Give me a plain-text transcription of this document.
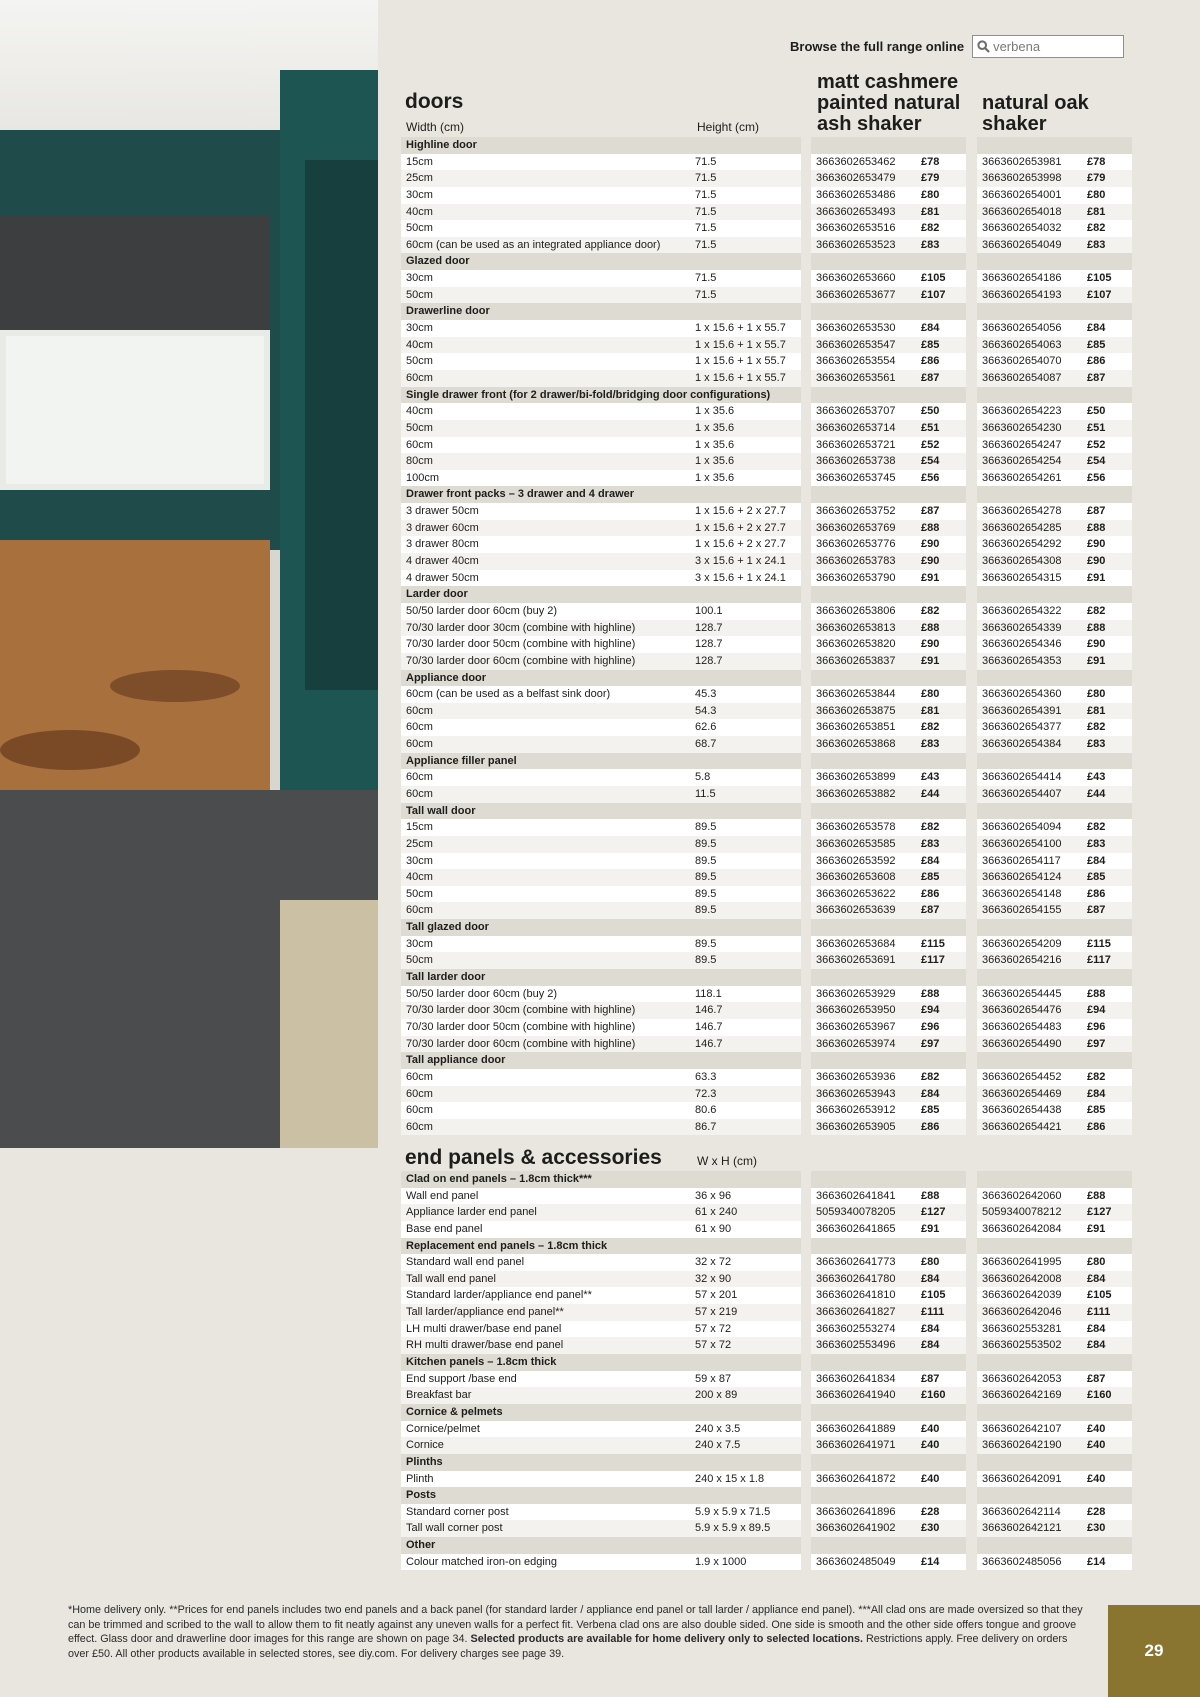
Browse the full range online verbena
doors
Width (cm)	Height (cm)
matt cashmere painted natural ash shaker
natural oak shaker
Highline door
15cm	71.5	3663602653462	£78	3663602653981	£78
25cm	71.5	3663602653479	£79	3663602653998	£79
30cm	71.5	3663602653486	£80	3663602654001	£80
40cm	71.5	3663602653493	£81	3663602654018	£81
50cm	71.5	3663602653516	£82	3663602654032	£82
60cm (can be used as an integrated appliance door)	71.5	3663602653523	£83	3663602654049	£83
Glazed door
30cm	71.5	3663602653660	£105	3663602654186	£105
50cm	71.5	3663602653677	£107	3663602654193	£107
Drawerline door
30cm	1 x 15.6 + 1 x 55.7	3663602653530	£84	3663602654056	£84
40cm	1 x 15.6 + 1 x 55.7	3663602653547	£85	3663602654063	£85
50cm	1 x 15.6 + 1 x 55.7	3663602653554	£86	3663602654070	£86
60cm	1 x 15.6 + 1 x 55.7	3663602653561	£87	3663602654087	£87
Single drawer front (for 2 drawer/bi-fold/bridging door configurations)
40cm	1 x 35.6	3663602653707	£50	3663602654223	£50
50cm	1 x 35.6	3663602653714	£51	3663602654230	£51
60cm	1 x 35.6	3663602653721	£52	3663602654247	£52
80cm	1 x 35.6	3663602653738	£54	3663602654254	£54
100cm	1 x 35.6	3663602653745	£56	3663602654261	£56
Drawer front packs – 3 drawer and 4 drawer
3 drawer 50cm	1 x 15.6 + 2 x 27.7	3663602653752	£87	3663602654278	£87
3 drawer 60cm	1 x 15.6 + 2 x 27.7	3663602653769	£88	3663602654285	£88
3 drawer 80cm	1 x 15.6 + 2 x 27.7	3663602653776	£90	3663602654292	£90
4 drawer 40cm	3 x 15.6 + 1 x 24.1	3663602653783	£90	3663602654308	£90
4 drawer 50cm	3 x 15.6 + 1 x 24.1	3663602653790	£91	3663602654315	£91
Larder door
50/50 larder door 60cm (buy 2)	100.1	3663602653806	£82	3663602654322	£82
70/30 larder door 30cm (combine with highline)	128.7	3663602653813	£88	3663602654339	£88
70/30 larder door 50cm (combine with highline)	128.7	3663602653820	£90	3663602654346	£90
70/30 larder door 60cm (combine with highline)	128.7	3663602653837	£91	3663602654353	£91
Appliance door
60cm (can be used as a belfast sink door)	45.3	3663602653844	£80	3663602654360	£80
60cm	54.3	3663602653875	£81	3663602654391	£81
60cm	62.6	3663602653851	£82	3663602654377	£82
60cm	68.7	3663602653868	£83	3663602654384	£83
Appliance filler panel
60cm	5.8	3663602653899	£43	3663602654414	£43
60cm	11.5	3663602653882	£44	3663602654407	£44
Tall wall door
15cm	89.5	3663602653578	£82	3663602654094	£82
25cm	89.5	3663602653585	£83	3663602654100	£83
30cm	89.5	3663602653592	£84	3663602654117	£84
40cm	89.5	3663602653608	£85	3663602654124	£85
50cm	89.5	3663602653622	£86	3663602654148	£86
60cm	89.5	3663602653639	£87	3663602654155	£87
Tall glazed door
30cm	89.5	3663602653684	£115	3663602654209	£115
50cm	89.5	3663602653691	£117	3663602654216	£117
Tall larder door
50/50 larder door 60cm (buy 2)	118.1	3663602653929	£88	3663602654445	£88
70/30 larder door 30cm (combine with highline)	146.7	3663602653950	£94	3663602654476	£94
70/30 larder door 50cm (combine with highline)	146.7	3663602653967	£96	3663602654483	£96
70/30 larder door 60cm (combine with highline)	146.7	3663602653974	£97	3663602654490	£97
Tall appliance door
60cm	63.3	3663602653936	£82	3663602654452	£82
60cm	72.3	3663602653943	£84	3663602654469	£84
60cm	80.6	3663602653912	£85	3663602654438	£85
60cm	86.7	3663602653905	£86	3663602654421	£86
end panels & accessories	W x H (cm)
Clad on end panels – 1.8cm thick***
Wall end panel	36 x 96	3663602641841	£88	3663602642060	£88
Appliance larder end panel	61 x 240	5059340078205	£127	5059340078212	£127
Base end panel	61 x 90	3663602641865	£91	3663602642084	£91
Replacement end panels – 1.8cm thick
Standard wall end panel	32 x 72	3663602641773	£80	3663602641995	£80
Tall wall end panel	32 x 90	3663602641780	£84	3663602642008	£84
Standard larder/appliance end panel**	57 x 201	3663602641810	£105	3663602642039	£105
Tall larder/appliance end panel**	57 x 219	3663602641827	£111	3663602642046	£111
LH multi drawer/base end panel	57 x 72	3663602553274	£84	3663602553281	£84
RH multi drawer/base end panel	57 x 72	3663602553496	£84	3663602553502	£84
Kitchen panels – 1.8cm thick
End support /base end	59 x 87	3663602641834	£87	3663602642053	£87
Breakfast bar	200 x 89	3663602641940	£160	3663602642169	£160
Cornice & pelmets
Cornice/pelmet	240 x 3.5	3663602641889	£40	3663602642107	£40
Cornice	240 x 7.5	3663602641971	£40	3663602642190	£40
Plinths
Plinth	240 x 15 x 1.8	3663602641872	£40	3663602642091	£40
Posts
Standard corner post	5.9 x 5.9 x 71.5	3663602641896	£28	3663602642114	£28
Tall wall corner post	5.9 x 5.9 x 89.5	3663602641902	£30	3663602642121	£30
Other
Colour matched iron-on edging	1.9 x 1000	3663602485049	£14	3663602485056	£14
*Home delivery only. **Prices for end panels includes two end panels and a back panel (for standard larder / appliance end panel or tall larder / appliance end panel). ***All clad ons are made oversized so that they can be trimmed and scribed to the wall to allow them to fit neatly against any uneven walls for a perfect fit. Verbena clad ons are also double sided. One side is smooth and the other side offers tongue and groove effect. Glass door and drawerline door images for this range are shown on page 34. Selected products are available for home delivery only to selected locations. Restrictions apply. Free delivery on orders over £50. All other products available in selected stores, see diy.com. For delivery charges see page 39.	29
